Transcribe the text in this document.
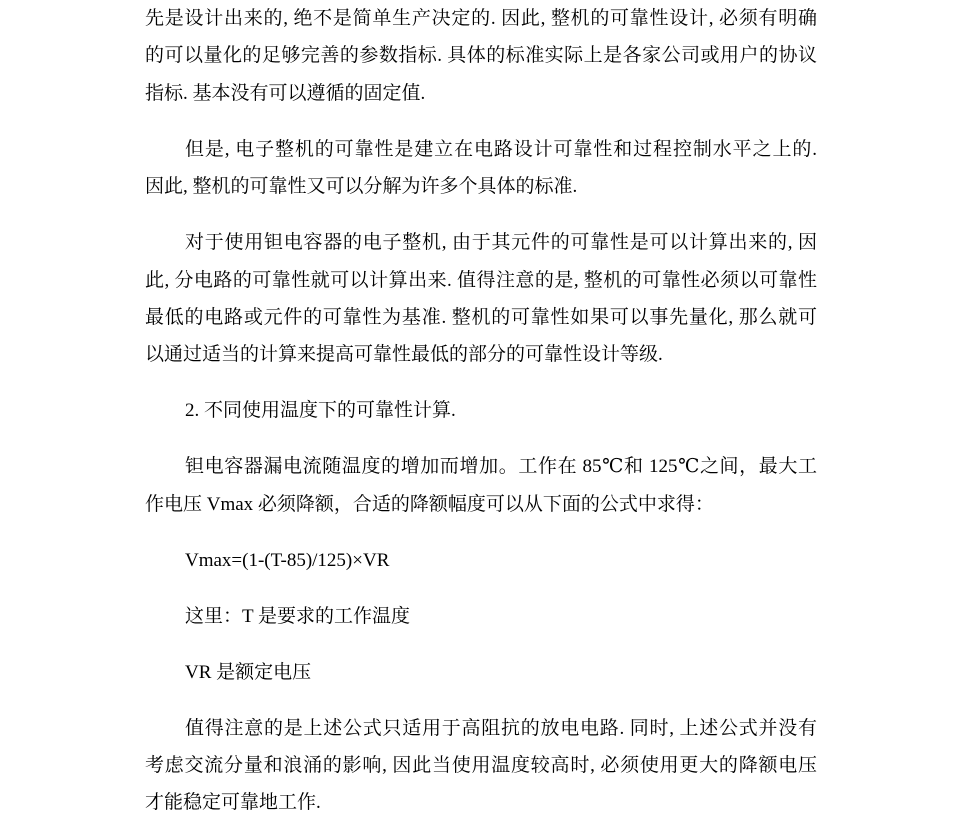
先是设计出来的, 绝不是简单生产决定的. 因此, 整机的可靠性设计, 必须有明确
的可以量化的足够完善的参数指标. 具体的标准实际上是各家公司或用户的协议
指标. 基本没有可以遵循的固定值.
但是, 电子整机的可靠性是建立在电路设计可靠性和过程控制水平之上的.
因此, 整机的可靠性又可以分解为许多个具体的标准.
对于使用钽电容器的电子整机, 由于其元件的可靠性是可以计算出来的, 因
此, 分电路的可靠性就可以计算出来. 值得注意的是, 整机的可靠性必须以可靠性
最低的电路或元件的可靠性为基准. 整机的可靠性如果可以事先量化, 那么就可
以通过适当的计算来提高可靠性最低的部分的可靠性设计等级.
2. 不同使用温度下的可靠性计算.
钽电容器漏电流随温度的增加而增加。工作在 85℃和 125℃之间，最大工
作电压 Vmax 必须降额，合适的降额幅度可以从下面的公式中求得：
Vmax=(1-(T-85)/125)×VR
这里：T 是要求的工作温度
VR 是额定电压
值得注意的是上述公式只适用于高阻抗的放电电路. 同时, 上述公式并没有
考虑交流分量和浪涌的影响, 因此当使用温度较高时, 必须使用更大的降额电压
才能稳定可靠地工作.
